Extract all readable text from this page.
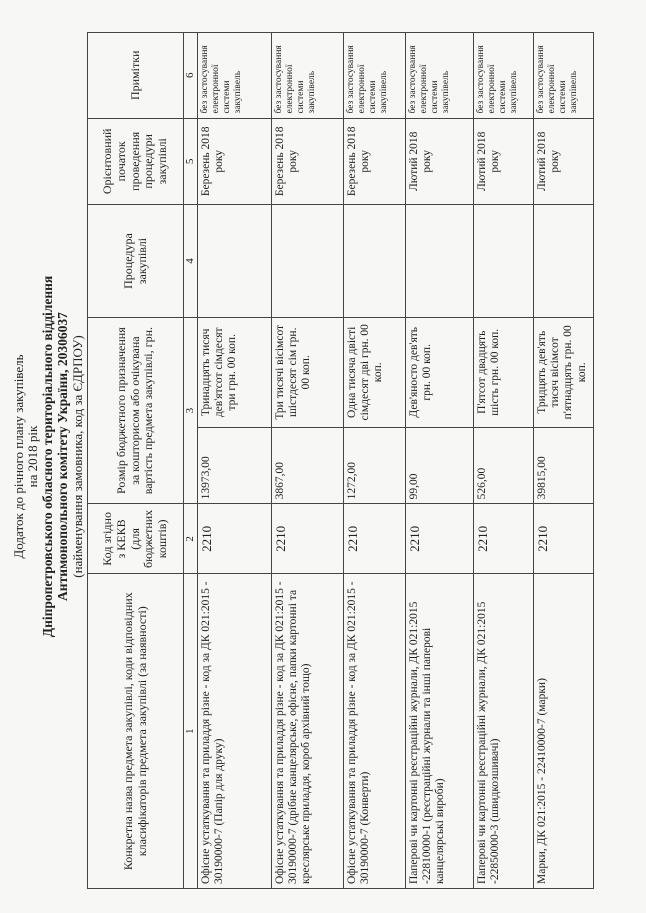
Додаток до річного плану закупівель на 2018 рік Дніпропетровського обласного територіального відділення Антимонопольного комітету України, 20306037 (найменування замовника, код за ЄДРПОУ)
Конкретна назва предмета закупівлі, коди відповідних класифікаторів предмета закупівлі (за наявності)	Код згідно з КЕКВ (для бюджетних коштів)	Розмір бюджетного призначення за кошторисом або очікувана вартість предмета закупівлі, грн.		Процедура закупівлі	Орієнтовний початок проведення процедури закупівлі	Примітки
1	2	3		4	5	6
Офісне устаткування та приладдя різне - код за ДК 021:2015 - 30190000-7 (Папір для друку)	2210	13973,00	Тринадцять тисяч дев'ятсот сімдесят три грн. 00 коп.		Березень 2018 року	без застосування електронної системи закупівель
Офісне устаткування та приладдя різне - код за ДК 021:2015 - 30190000-7 (дрібне канцелярське, офісне, папки картонні та креслярське приладдя, короб архівний тощо)	2210	3867,00	Три тисячі вісімсот шістдесят сім грн. 00 коп.		Березень 2018 року	без застосування електронної системи закупівель
Офісне устаткування та приладдя різне - код за ДК 021:2015 - 30190000-7 (Конверти)	2210	1272,00	Одна тисяча двісті сімдесят дві грн. 00 коп.		Березень 2018 року	без застосування електронної системи закупівель
Паперові чи картонні реєстраційні журнали, ДК 021:2015 -22810000-1 (реєстраційні журнали та інші паперові канцелярські вироби)	2210	99,00	Дев'яносто дев'ять грн. 00 коп.		Лютий 2018 року	без застосування електронної системи закупівель
Паперові чи картонні реєстраційні журнали, ДК 021:2015 -22850000-3 (швидкозшивачі)	2210	526,00	П'ятсот двадцять шість грн. 00 коп.		Лютий 2018 року	без застосування електронної системи закупівель
Марки, ДК 021:2015 - 22410000-7 (марки)	2210	39815,00	Тридцять дев'ять тисяч вісімсот п'ятнадцять грн. 00 коп.		Лютий 2018 року	без застосування електронної системи закупівель
